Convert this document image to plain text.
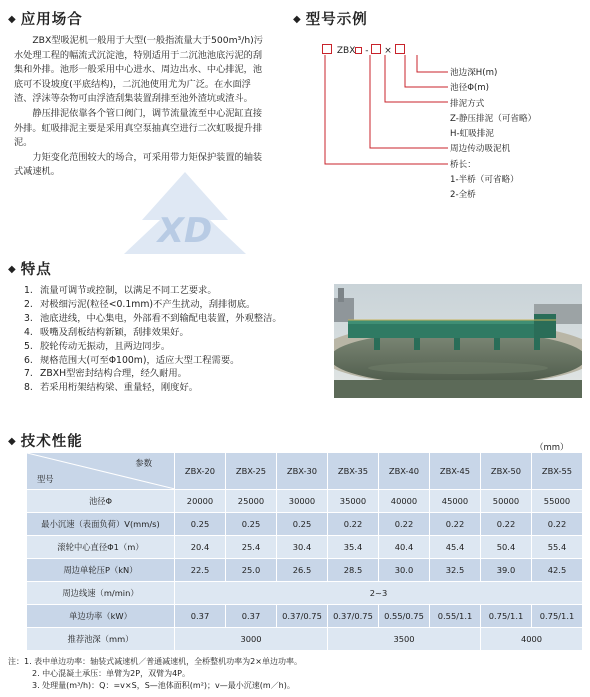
◆ 应用场合
XD

ZBX型吸泥机一般用于大型(一般指流量大于500m³/h)污水处理工程的幅流式沉淀池，特别适用于二沉池池底污泥的刮集和外排。池形一般采用中心进水、周边出水、中心排泥，池底可不设坡度(平底结构)，二沉池使用尤为广泛。在水面浮渣、浮沫等杂物可由浮渣刮集装置刮排至池外渣坑或渣斗。

静压排泥依靠各个管口阀门，调节流量流至中心泥缸直接外排。虹吸排泥主要是采用真空泵抽真空进行二次虹吸提升排泥。

力矩变化范围较大的场合，可采用带力矩保护装置的轴装式减速机。

◆ 型号示例
ZBX - ×
池边深H(m)
池径Φ(m)
排泥方式
Z-静压排泥（可省略）
H-虹吸排泥
周边传动吸泥机
桥长：
1-半桥（可省略）
2-全桥
◆ 特点
1. 流量可调节或控制，以满足不同工艺要求。
2. 对极细污泥(粒径<0.1mm)不产生扰动，刮排彻底。
3. 池底进线，中心集电，外部看不到输配电装置，外观整洁。
4. 吸嘴及刮板结构新颖，刮排效果好。
5. 胶轮传动无振动，且两边同步。
6. 规格范围大(可至Φ100m)，适应大型工程需要。
7. ZBXH型密封结构合理，经久耐用。
8. 若采用桁架结构梁、重量轻，刚度好。
◆ 技术性能	（mm）
参数
型号	ZBX-20	ZBX-25	ZBX-30	ZBX-35	ZBX-40	ZBX-45	ZBX-50	ZBX-55
池径Φ	20000	25000	30000	35000	40000	45000	50000	55000
最小沉速（表面负荷）V(mm/s)	0.25	0.25	0.25	0.22	0.22	0.22	0.22	0.22
滚轮中心直径Φ1（m）	20.4	25.4	30.4	35.4	40.4	45.4	50.4	55.4
周边单轮压P（kN）	22.5	25.0	26.5	28.5	30.0	32.5	39.0	42.5
周边线速（m/min）	2~3							
单边功率（kW）	0.37	0.37	0.37/0.75	0.37/0.75	0.55/0.75	0.55/1.1	0.75/1.1	0.75/1.1
推荐池深（mm）	3000			3500			4000	
注：1. 表中单边功率：轴装式减速机／普通减速机，全桥整机功率为2×单边功率。
2. 中心混凝土承压：单臂为2P，双臂为4P。
3. 处理量(m³/h)：Q：=v×S，S—池体面积(m²)；v—最小沉速(m／h)。
